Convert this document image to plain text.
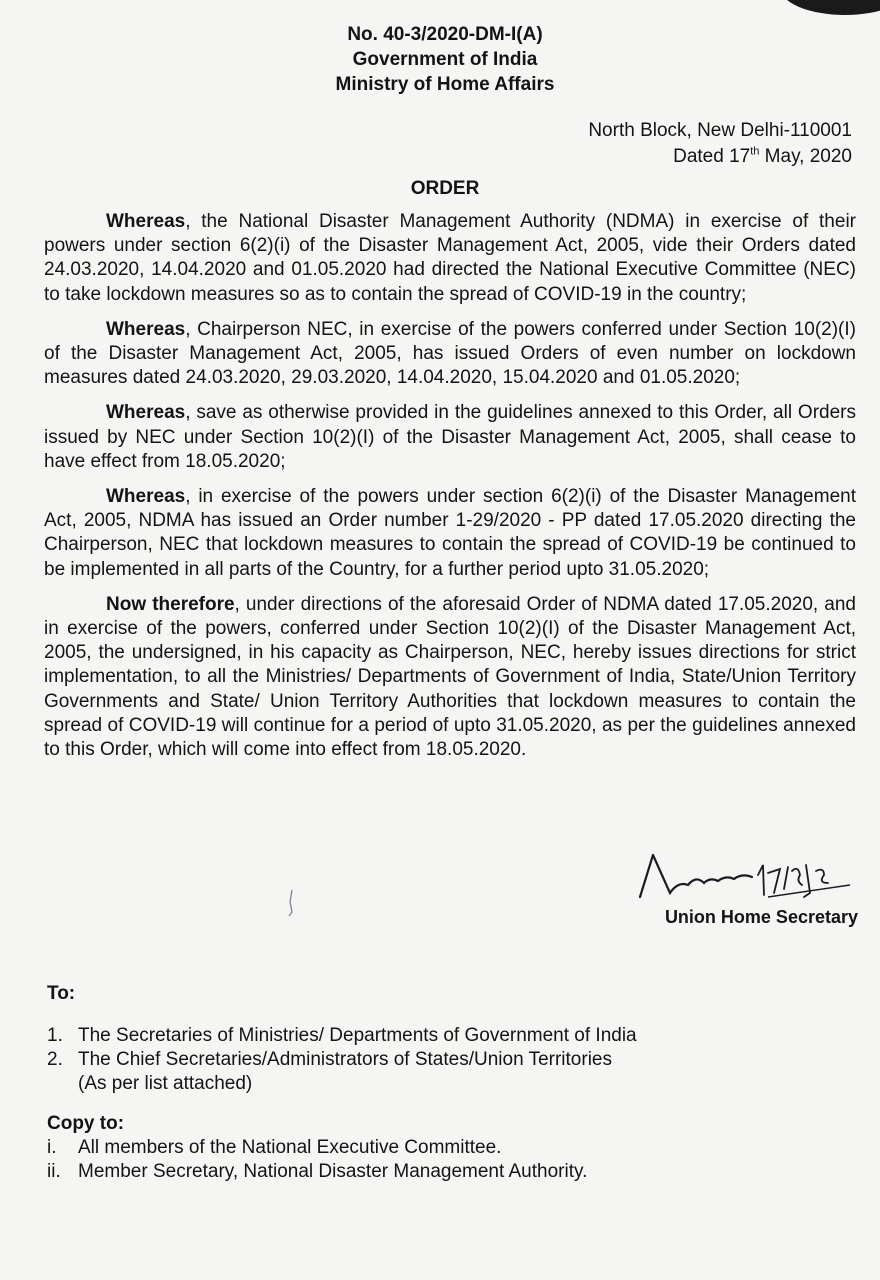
No. 40-3/2020-DM-I(A)
Government of India
Ministry of Home Affairs
North Block, New Delhi-110001
Dated 17th May, 2020
ORDER

Whereas, the National Disaster Management Authority (NDMA) in exercise of their powers under section 6(2)(i) of the Disaster Management Act, 2005, vide their Orders dated 24.03.2020, 14.04.2020 and 01.05.2020 had directed the National Executive Committee (NEC) to take lockdown measures so as to contain the spread of COVID-19 in the country;

Whereas, Chairperson NEC, in exercise of the powers conferred under Section 10(2)(I) of the Disaster Management Act, 2005, has issued Orders of even number on lockdown measures dated 24.03.2020, 29.03.2020, 14.04.2020, 15.04.2020 and 01.05.2020;

Whereas, save as otherwise provided in the guidelines annexed to this Order, all Orders issued by NEC under Section 10(2)(I) of the Disaster Management Act, 2005, shall cease to have effect from 18.05.2020;

Whereas, in exercise of the powers under section 6(2)(i) of the Disaster Management Act, 2005, NDMA has issued an Order number 1-29/2020 - PP dated 17.05.2020 directing the Chairperson, NEC that lockdown measures to contain the spread of COVID-19 be continued to be implemented in all parts of the Country, for a further period upto 31.05.2020;

Now therefore, under directions of the aforesaid Order of NDMA dated 17.05.2020, and in exercise of the powers, conferred under Section 10(2)(I) of the Disaster Management Act, 2005, the undersigned, in his capacity as Chairperson, NEC, hereby issues directions for strict implementation, to all the Ministries/ Departments of Government of India, State/Union Territory Governments and State/ Union Territory Authorities that lockdown measures to contain the spread of COVID-19 will continue for a period of upto 31.05.2020, as per the guidelines annexed to this Order, which will come into effect from 18.05.2020.

Union Home Secretary
To:
1. The Secretaries of Ministries/ Departments of Government of India
2. The Chief Secretaries/Administrators of States/Union Territories
(As per list attached)
Copy to:
i.	All members of the National Executive Committee.
ii. Member Secretary, National Disaster Management Authority.
